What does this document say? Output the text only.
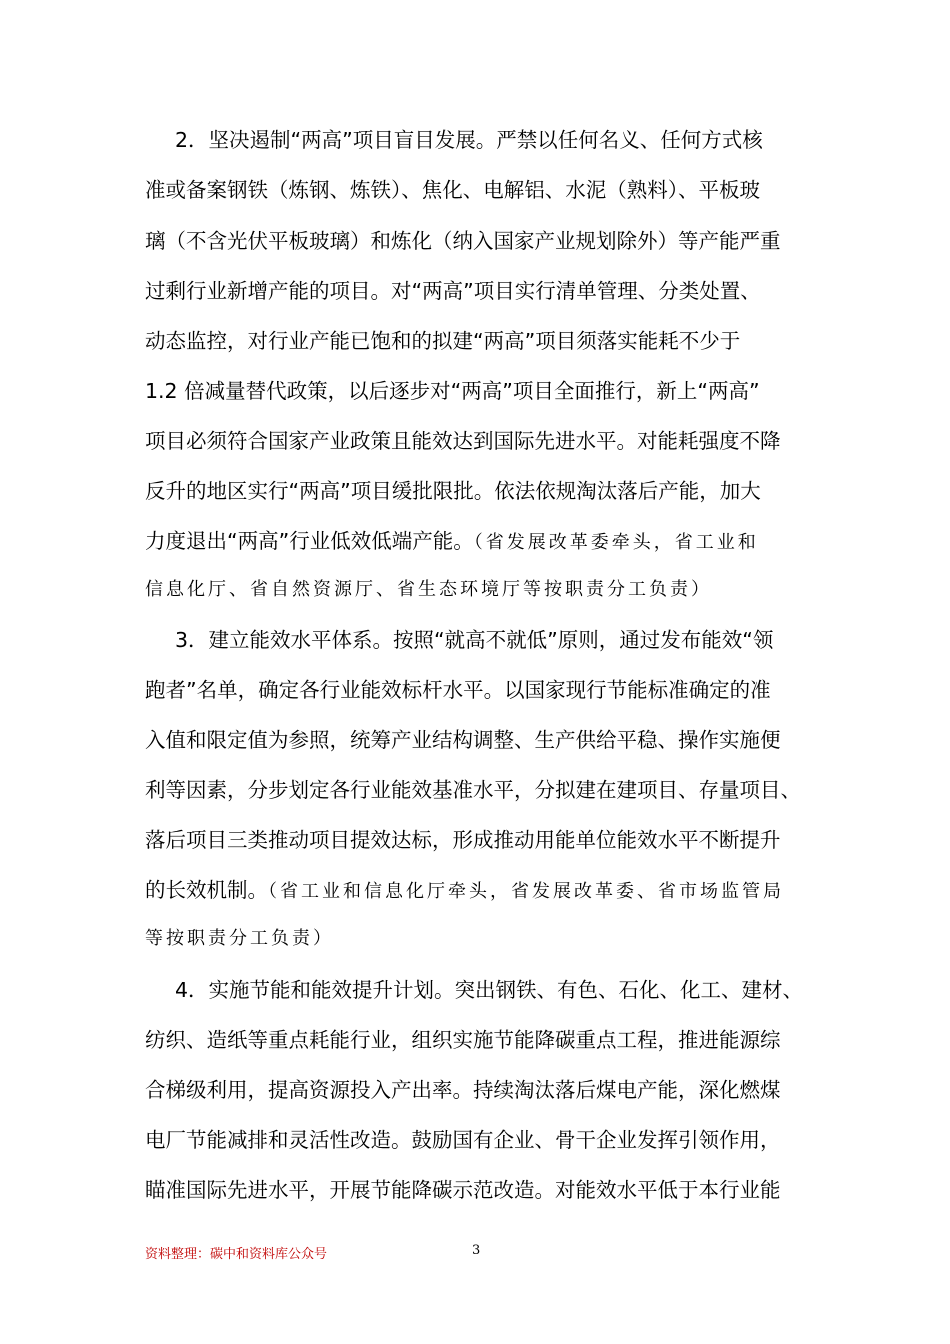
2．坚决遏制“两高”项目盲目发展。严禁以任何名义、任何方式核
准或备案钢铁（炼钢、炼铁）、焦化、电解铝、水泥（熟料）、平板玻
璃（不含光伏平板玻璃）和炼化（纳入国家产业规划除外）等产能严重
过剩行业新增产能的项目。对“两高”项目实行清单管理、分类处置、
动态监控，对行业产能已饱和的拟建“两高”项目须落实能耗不少于
1.2 倍减量替代政策，以后逐步对“两高”项目全面推行，新上“两高”
项目必须符合国家产业政策且能效达到国际先进水平。对能耗强度不降
反升的地区实行“两高”项目缓批限批。依法依规淘汰落后产能，加大
力度退出“两高”行业低效低端产能。（省发展改革委牵头，省工业和
信息化厅、省自然资源厅、省生态环境厅等按职责分工负责）
3．建立能效水平体系。按照“就高不就低”原则，通过发布能效“领
跑者”名单，确定各行业能效标杆水平。以国家现行节能标准确定的准
入值和限定值为参照，统筹产业结构调整、生产供给平稳、操作实施便
利等因素，分步划定各行业能效基准水平，分拟建在建项目、存量项目、
落后项目三类推动项目提效达标，形成推动用能单位能效水平不断提升
的长效机制。（省工业和信息化厅牵头，省发展改革委、省市场监管局
等按职责分工负责）
4．实施节能和能效提升计划。突出钢铁、有色、石化、化工、建材、
纺织、造纸等重点耗能行业，组织实施节能降碳重点工程，推进能源综
合梯级利用，提高资源投入产出率。持续淘汰落后煤电产能，深化燃煤
电厂节能减排和灵活性改造。鼓励国有企业、骨干企业发挥引领作用，
瞄准国际先进水平，开展节能降碳示范改造。对能效水平低于本行业能
资料整理：碳中和资料库公众号	3
